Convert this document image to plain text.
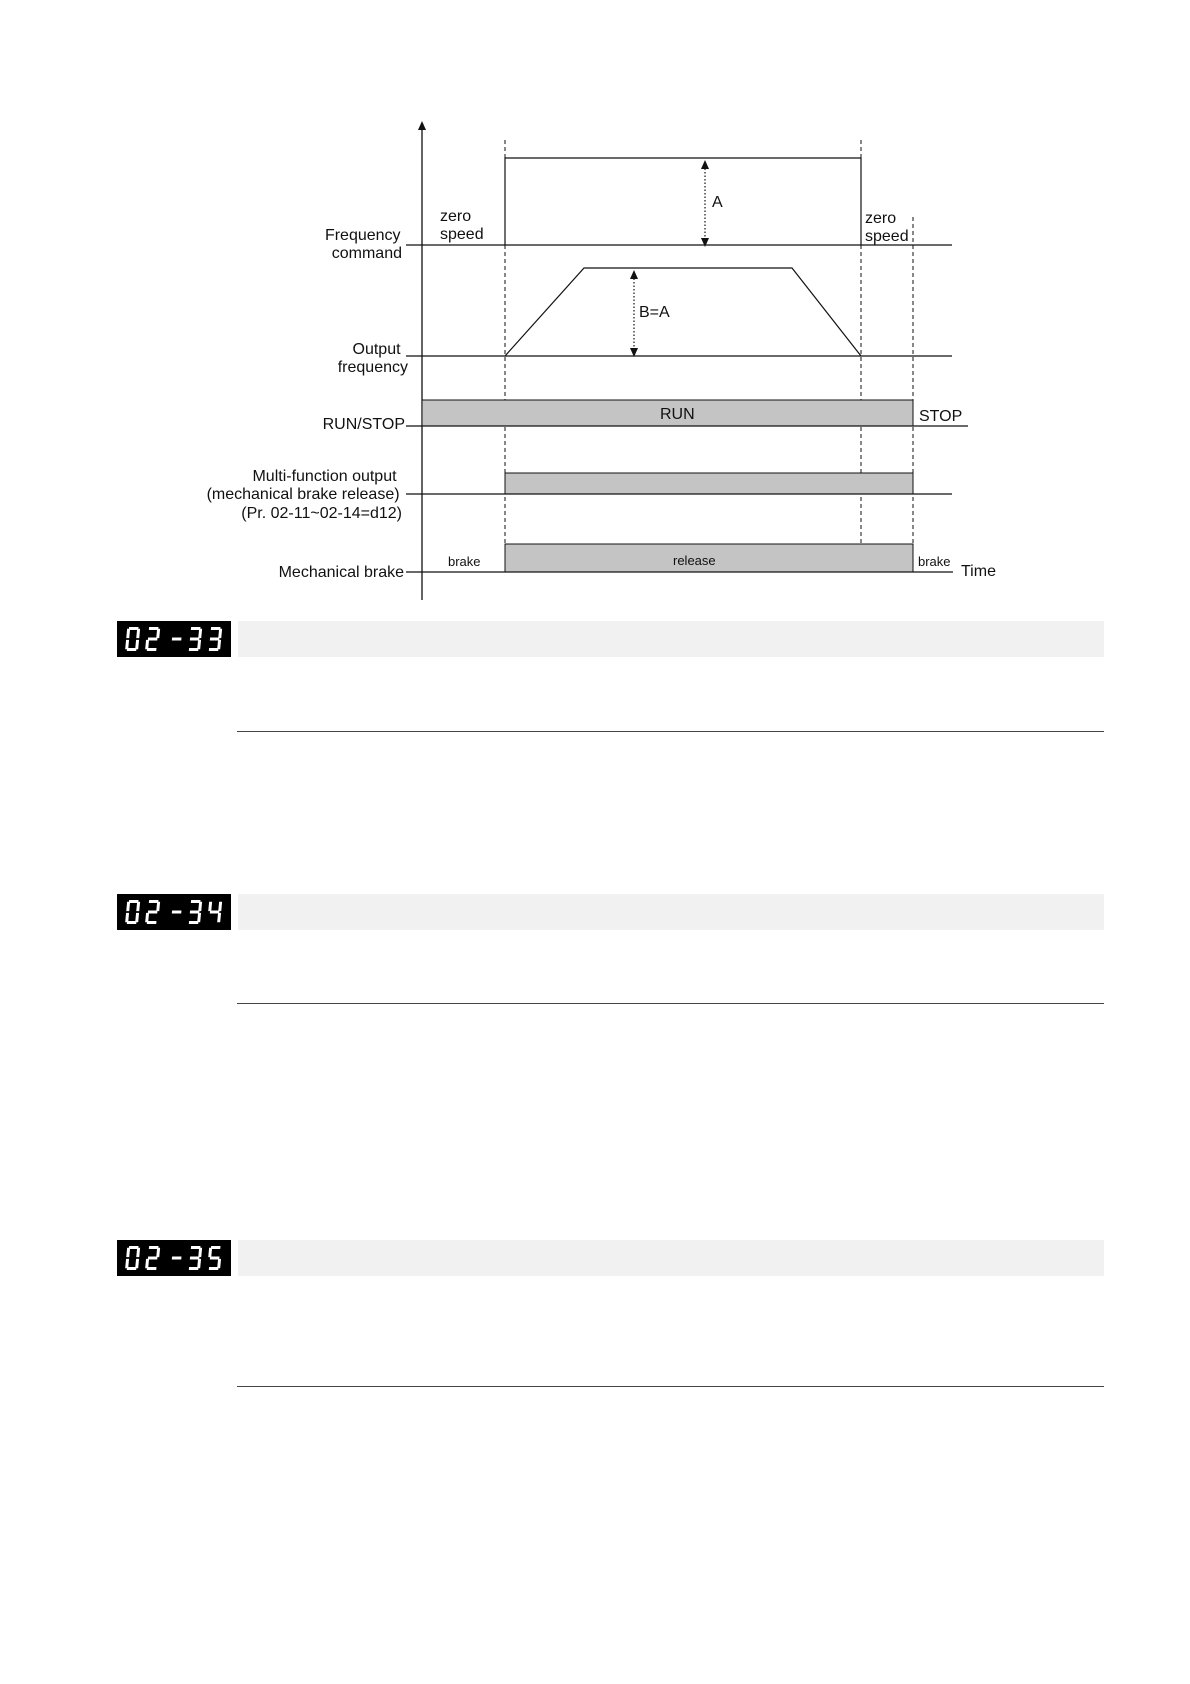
A
B=A
zero speed
zero speed
RUN	STOP
brake	release	brake
Time
Frequency command
Output frequency
RUN/STOP
Multi-function output (mechanical brake release) (Pr. 02-11~02-14=d12)
Mechanical brake
